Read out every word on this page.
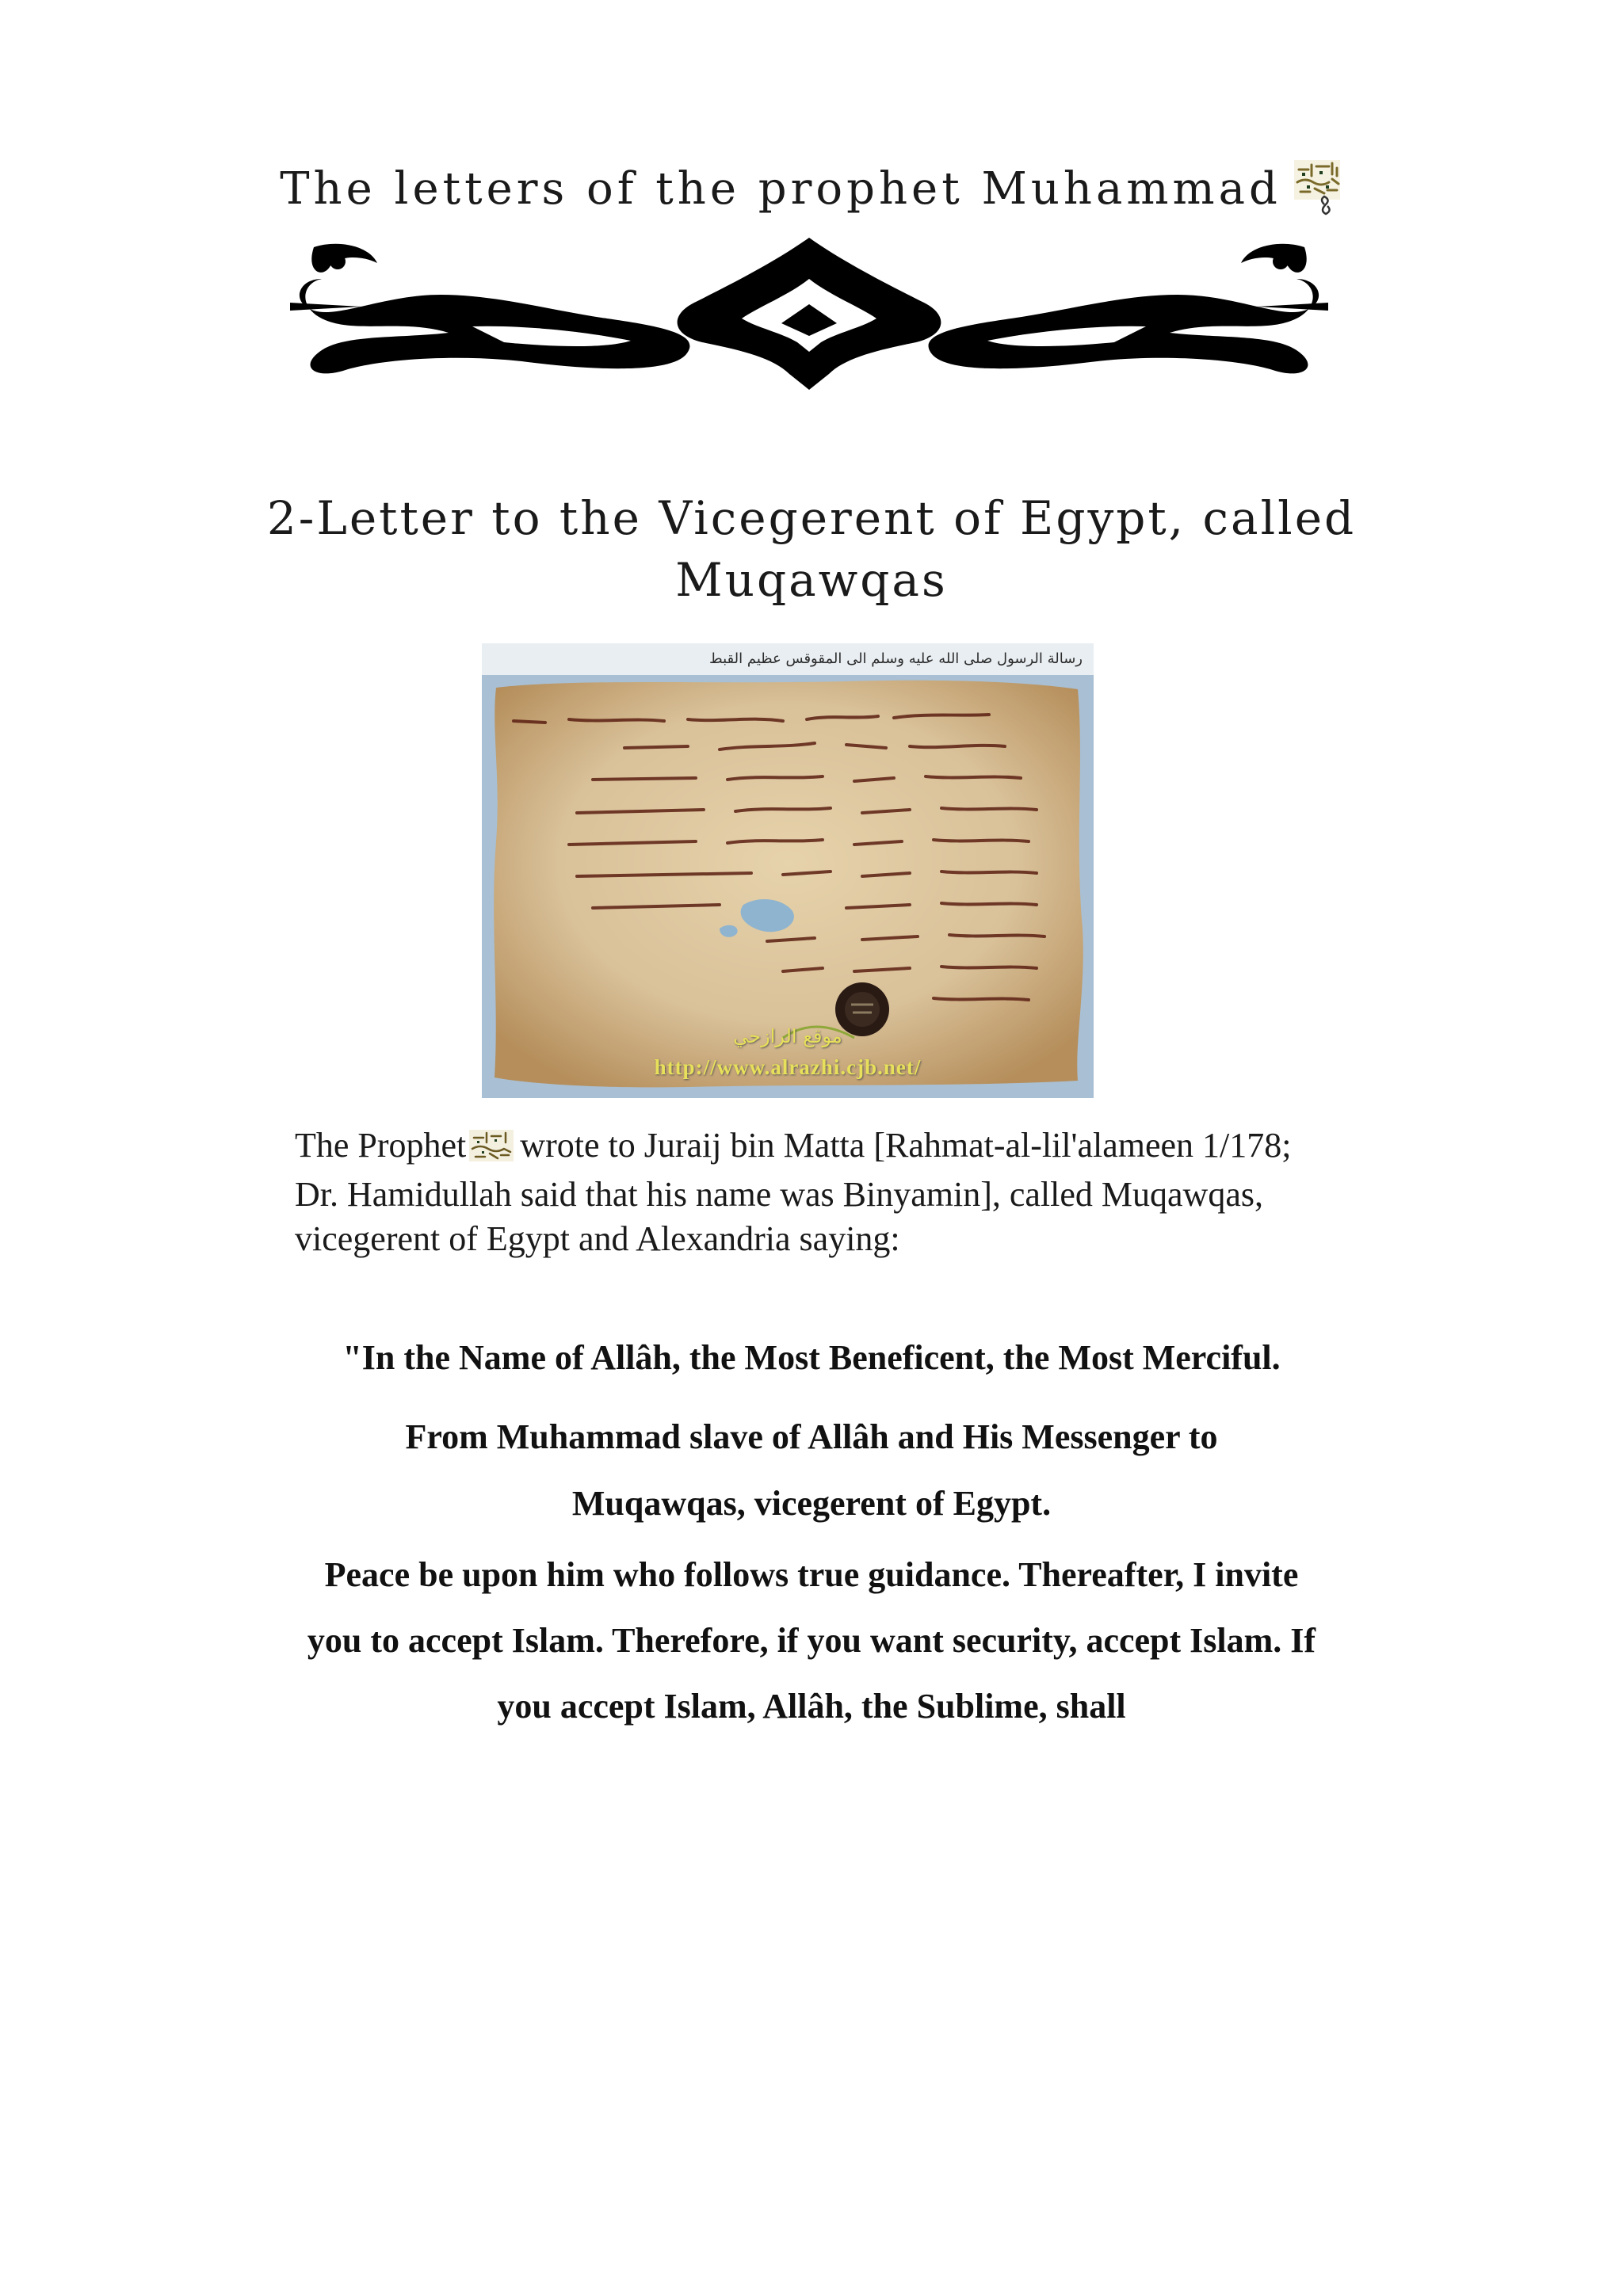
The letters of the prophet Muhammad
2-Letter to the Vicegerent of Egypt, called Muqawqas
رسالة الرسول صلى الله عليه وسلم الى المقوقس عظيم القبط
موقع الرازحي
http://www.alrazhi.cjb.net/

The Prophet wrote to Juraij bin Matta [Rahmat-al-lil'alameen 1/178; Dr. Hamidullah said that his name was Binyamin], called Muqawqas, vicegerent of Egypt and Alexandria saying:

"In the Name of Allâh, the Most Beneficent, the Most Merciful.

From Muhammad slave of Allâh and His Messenger to Muqawqas, vicegerent of Egypt.

Peace be upon him who follows true guidance. Thereafter, I invite you to accept Islam. Therefore, if you want security, accept Islam. If you accept Islam, Allâh, the Sublime, shall
